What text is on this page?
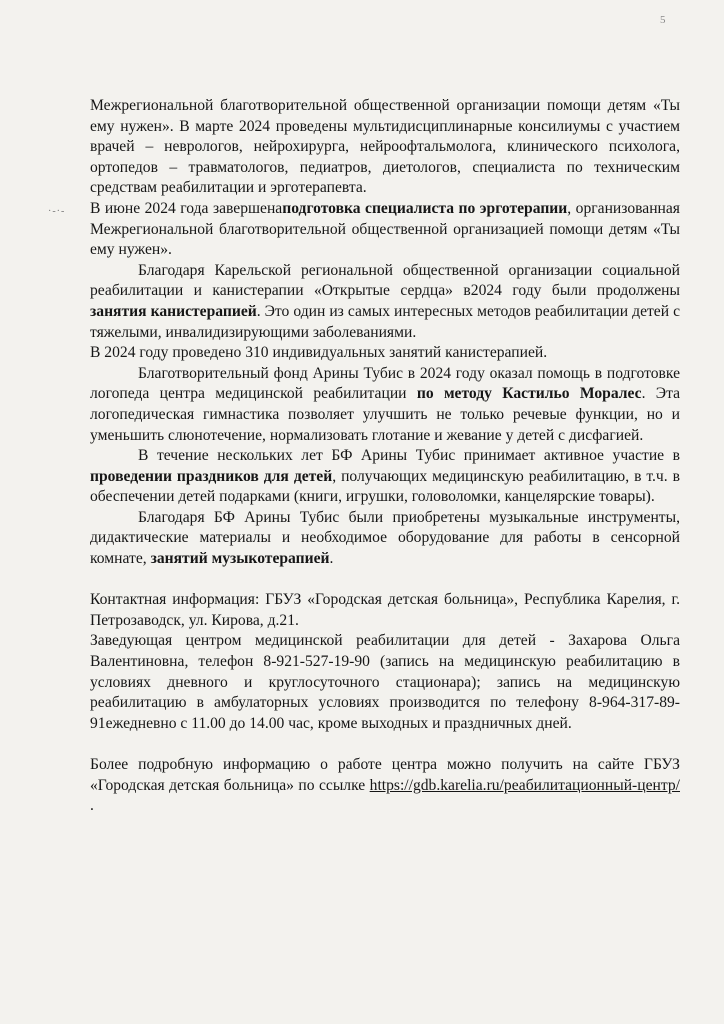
5
·-·-

Межрегиональной благотворительной общественной организации помощи детям «Ты ему нужен». В марте 2024 проведены мультидисциплинарные консилиумы с участием врачей – неврологов, нейрохирурга, нейроофтальмолога, клинического психолога, ортопедов – травматологов, педиатров, диетологов, специалиста по техническим средствам реабилитации и эрготерапевта.

В июне 2024 года завершенаподготовка специалиста по эрготерапии, организованная Межрегиональной благотворительной общественной организацией помощи детям «Ты ему нужен».

Благодаря Карельской региональной общественной организации социальной реабилитации и канистерапии «Открытые сердца» в2024 году были продолжены занятия канистерапией. Это один из самых интересных методов реабилитации детей с тяжелыми, инвалидизирующими заболеваниями.

В 2024 году проведено 310 индивидуальных занятий канистерапией.

Благотворительный фонд Арины Тубис в 2024 году оказал помощь в подготовке логопеда центра медицинской реабилитации по методу Кастильо Моралес. Эта логопедическая гимнастика позволяет улучшить не только речевые функции, но и уменьшить слюнотечение, нормализовать глотание и жевание у детей с дисфагией.

В течение нескольких лет БФ Арины Тубис принимает активное участие в проведении праздников для детей, получающих медицинскую реабилитацию, в т.ч. в обеспечении детей подарками (книги, игрушки, головоломки, канцелярские товары).

Благодаря БФ Арины Тубис были приобретены музыкальные инструменты, дидактические материалы и необходимое оборудование для работы в сенсорной комнате, занятий музыкотерапией.

Контактная информация: ГБУЗ «Городская детская больница», Республика Карелия, г. Петрозаводск, ул. Кирова, д.21.

Заведующая центром медицинской реабилитации для детей - Захарова Ольга Валентиновна, телефон 8-921-527-19-90 (запись на медицинскую реабилитацию в условиях дневного и круглосуточного стационара); запись на медицинскую реабилитацию в амбулаторных условиях производится по телефону 8-964-317-89-91ежедневно с 11.00 до 14.00 час, кроме выходных и праздничных дней.

Более подробную информацию о работе центра можно получить на сайте ГБУЗ «Городская детская больница» по ссылке https://gdb.karelia.ru/реабилитационный-центр/ .
